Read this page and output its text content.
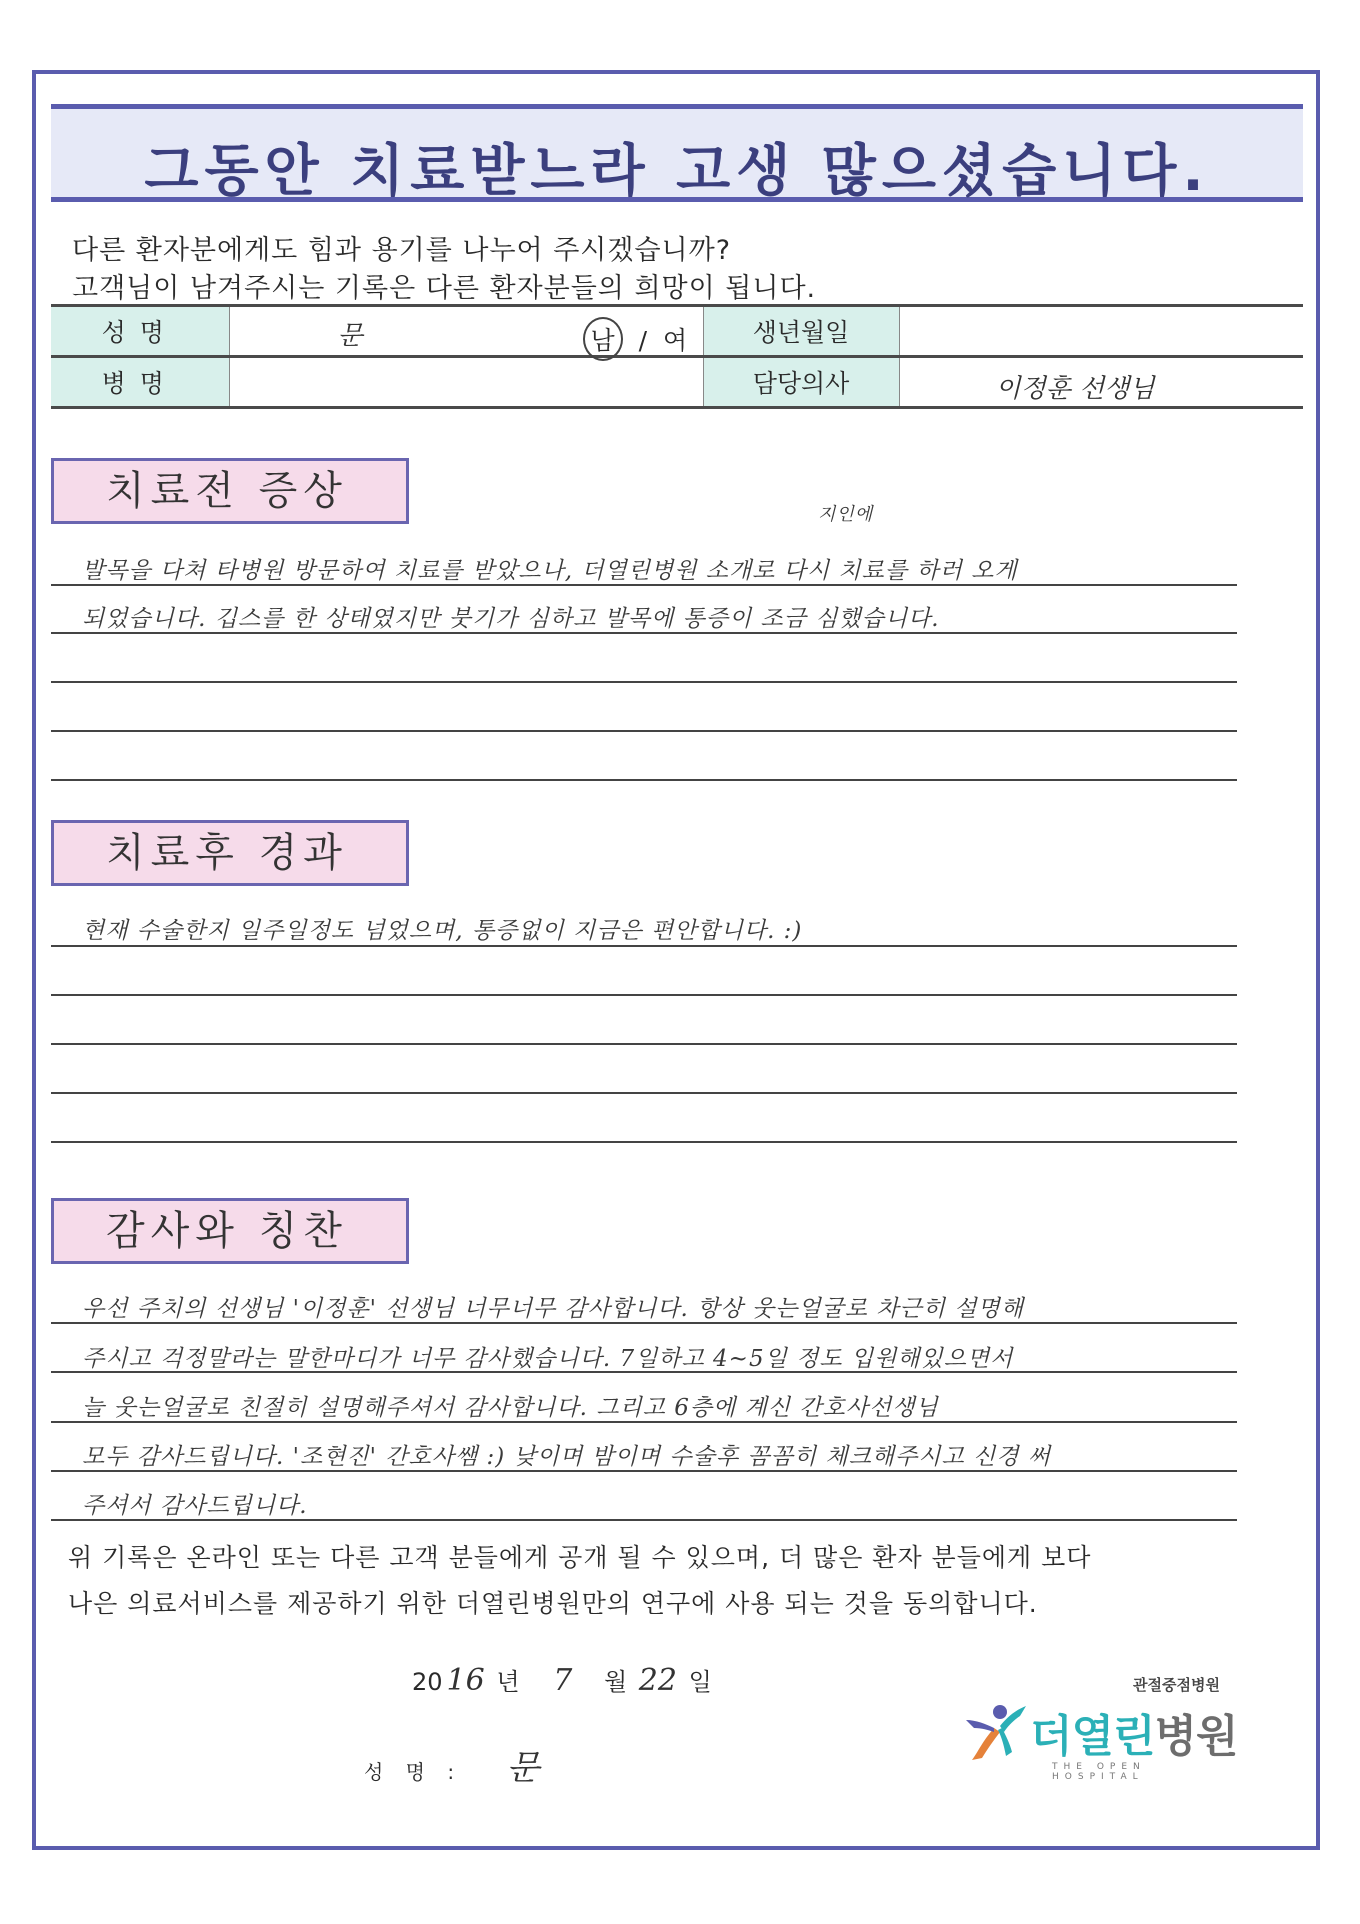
그동안 치료받느라 고생 많으셨습니다.
다른 환자분에게도 힘과 용기를 나누어 주시겠습니까?
고객님이 남겨주시는 기록은 다른 환자분들의 희망이 됩니다.
성명	문 남 / 여	생년월일	
병명		담당의사	이정훈 선생님
치료전 증상
지인에
발목을 다쳐 타병원 방문하여 치료를 받았으나, 더열린병원 소개로 다시 치료를 하러 오게
되었습니다. 깁스를 한 상태였지만 붓기가 심하고 발목에 통증이 조금 심했습니다.
치료후 경과
현재 수술한지 일주일정도 넘었으며, 통증없이 지금은 편안합니다. :)
감사와 칭찬
우선 주치의 선생님 '이정훈' 선생님 너무너무 감사합니다. 항상 웃는얼굴로 차근히 설명해
주시고 걱정말라는 말한마디가 너무 감사했습니다. 7일하고 4~5일 정도 입원해있으면서
늘 웃는얼굴로 친절히 설명해주셔서 감사합니다. 그리고 6층에 계신 간호사선생님
모두 감사드립니다. '조현진' 간호사쌤 :) 낮이며 밤이며 수술후 꼼꼼히 체크해주시고 신경 써
주셔서 감사드립니다.
위 기록은 온라인 또는 다른 고객 분들에게 공개 될 수 있으며, 더 많은 환자 분들에게 보다
나은 의료서비스를 제공하기 위한 더열린병원만의 연구에 사용 되는 것을 동의합니다.
20 16 년 7 월 22 일
성 명 : 문
관절중점병원
더열린병원
THE OPEN HOSPITAL
